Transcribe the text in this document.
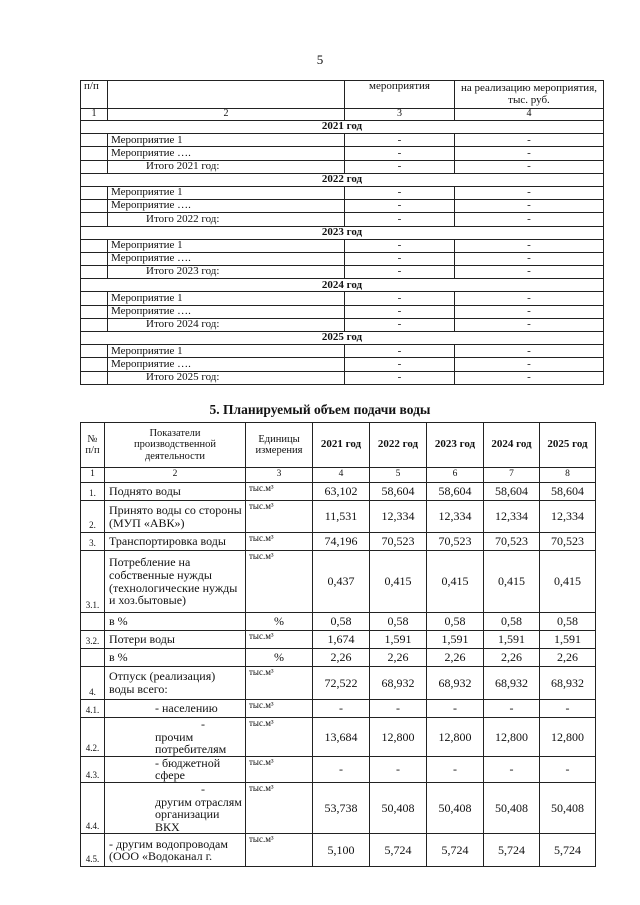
5
п/п		мероприятия	на реализацию мероприятия, тыс. руб.
1	2	3	4
2021 год			
	Мероприятие 1	-	-
	Мероприятие ….	-	-
	Итого 2021 год:	-	-
2022 год			
	Мероприятие 1	-	-
	Мероприятие ….	-	-
	Итого 2022 год:	-	-
2023 год			
	Мероприятие 1	-	-
	Мероприятие ….	-	-
	Итого 2023 год:	-	-
2024 год			
	Мероприятие 1	-	-
	Мероприятие ….	-	-
	Итого 2024 год:	-	-
2025 год			
	Мероприятие 1	-	-
	Мероприятие ….	-	-
	Итого 2025 год:	-	-
5. Планируемый объем подачи воды
№ п/п	Показатели производственной деятельности	Единицы измерения	2021 год	2022 год	2023 год	2024 год	2025 год
1	2	3	4	5	6	7	8
1.	Поднято воды	тыс.м³	63,102	58,604	58,604	58,604	58,604
2.	Принято воды со стороны (МУП «АВК»)	тыс.м³	11,531	12,334	12,334	12,334	12,334
3.	Транспортировка воды	тыс.м³	74,196	70,523	70,523	70,523	70,523
3.1.	Потребление на собственные нужды (технологические нужды и хоз.бытовые)	тыс.м³	0,437	0,415	0,415	0,415	0,415
	в %	%	0,58	0,58	0,58	0,58	0,58
3.2.	Потери воды	тыс.м³	1,674	1,591	1,591	1,591	1,591
	в %	%	2,26	2,26	2,26	2,26	2,26
4.	Отпуск (реализация) воды всего:	тыс.м³	72,522	68,932	68,932	68,932	68,932
4.1.	- населению	тыс.м³	-	-	-	-	-
4.2.	- прочим потребителям	тыс.м³	13,684	12,800	12,800	12,800	12,800
4.3.	- бюджетной сфере	тыс.м³	-	-	-	-	-
4.4.	- другим отраслям организации ВКХ	тыс.м³	53,738	50,408	50,408	50,408	50,408
4.5.	- другим водопроводам (ООО «Водоканал г.	тыс.м³	5,100	5,724	5,724	5,724	5,724
